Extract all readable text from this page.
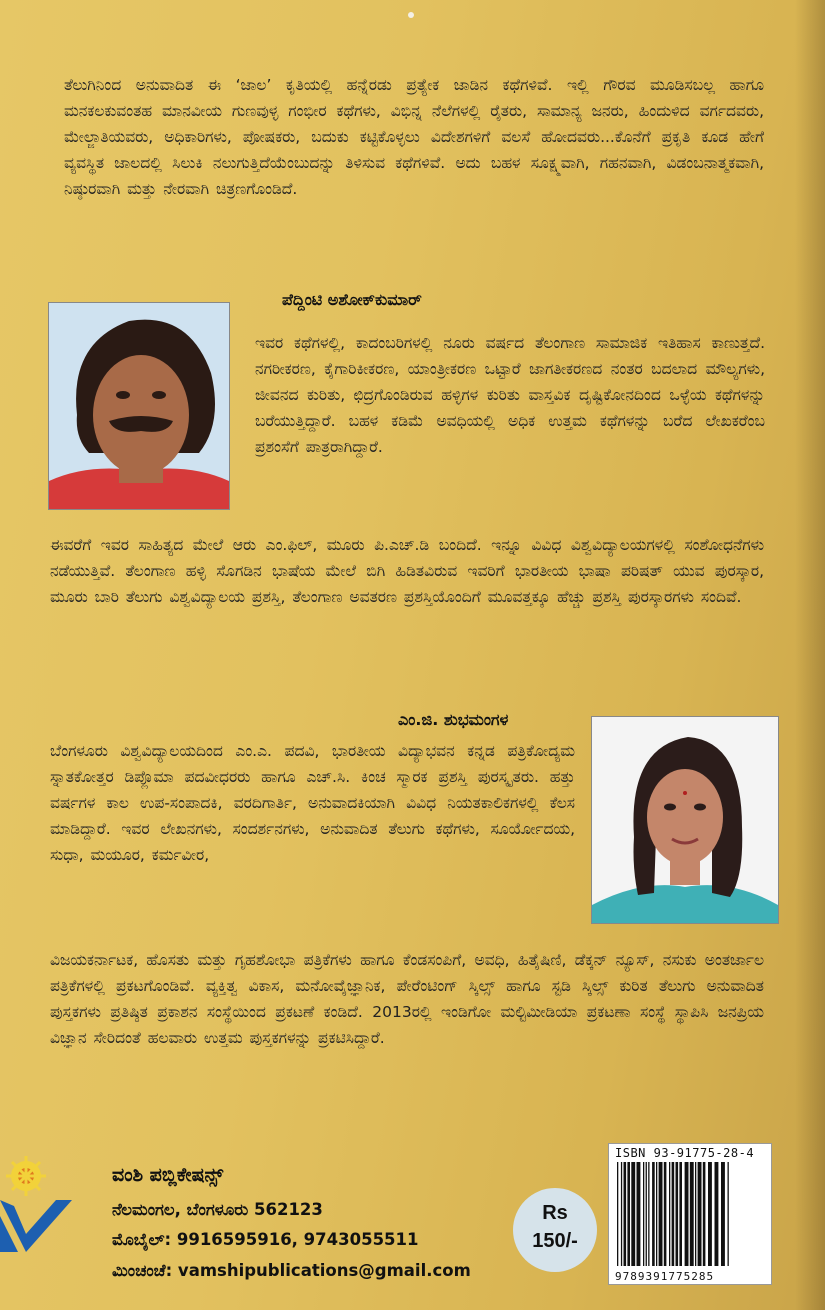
ತೆಲುಗಿನಿಂದ ಅನುವಾದಿತ ಈ ‘ಜಾಲ’ ಕೃತಿಯಲ್ಲಿ ಹನ್ನೆರಡು ಪ್ರತ್ಯೇಕ ಜಾಡಿನ ಕಥೆಗಳಿವೆ. ಇಲ್ಲಿ ಗೌರವ ಮೂಡಿಸಬಲ್ಲ ಹಾಗೂ ಮನಕಲಕುವಂತಹ ಮಾನವೀಯ ಗುಣವುಳ್ಳ ಗಂಭೀರ ಕಥೆಗಳು, ವಿಭಿನ್ನ ನೆಲೆಗಳಲ್ಲಿ ರೈತರು, ಸಾಮಾನ್ಯ ಜನರು, ಹಿಂದುಳಿದ ವರ್ಗದವರು, ಮೇಲ್ಜಾತಿಯವರು, ಅಧಿಕಾರಿಗಳು, ಪೋಷಕರು, ಬದುಕು ಕಟ್ಟಿಕೊಳ್ಳಲು ವಿದೇಶಗಳಿಗೆ ವಲಸೆ ಹೋದವರು...ಕೊನೆಗೆ ಪ್ರಕೃತಿ ಕೂಡ ಹೇಗೆ ವ್ಯವಸ್ಥಿತ ಜಾಲದಲ್ಲಿ ಸಿಲುಕಿ ನಲುಗುತ್ತಿದೆಯೆಂಬುದನ್ನು ತಿಳಿಸುವ ಕಥೆಗಳಿವೆ. ಅದು ಬಹಳ ಸೂಕ್ಷ್ಮವಾಗಿ, ಗಹನವಾಗಿ, ವಿಡಂಬನಾತ್ಮಕವಾಗಿ, ನಿಷ್ಠುರವಾಗಿ ಮತ್ತು ನೇರವಾಗಿ ಚಿತ್ರಣಗೊಂಡಿದೆ.
ಪೆದ್ದಿಂಟಿ ಅಶೋಕ್‌ಕುಮಾರ್
ಇವರ ಕಥೆಗಳಲ್ಲಿ, ಕಾದಂಬರಿಗಳಲ್ಲಿ ನೂರು ವರ್ಷದ ತೆಲಂಗಾಣ ಸಾಮಾಜಿಕ ಇತಿಹಾಸ ಕಾಣುತ್ತದೆ. ನಗರೀಕರಣ, ಕೈಗಾರಿಕೀಕರಣ, ಯಾಂತ್ರೀಕರಣ ಒಟ್ಟಾರೆ ಜಾಗತೀಕರಣದ ನಂತರ ಬದಲಾದ ಮೌಲ್ಯಗಳು, ಜೀವನದ ಕುರಿತು, ಛಿದ್ರಗೊಂಡಿರುವ ಹಳ್ಳಿಗಳ ಕುರಿತು ವಾಸ್ತವಿಕ ದೃಷ್ಟಿಕೋನದಿಂದ ಒಳ್ಳೆಯ ಕಥೆಗಳನ್ನು ಬರೆಯುತ್ತಿದ್ದಾರೆ. ಬಹಳ ಕಡಿಮೆ ಅವಧಿಯಲ್ಲಿ ಅಧಿಕ ಉತ್ತಮ ಕಥೆಗಳನ್ನು ಬರೆದ ಲೇಖಕರೆಂಬ ಪ್ರಶಂಸೆಗೆ ಪಾತ್ರರಾಗಿದ್ದಾರೆ.
ಈವರೆಗೆ ಇವರ ಸಾಹಿತ್ಯದ ಮೇಲೆ ಆರು ಎಂ.ಫಿಲ್, ಮೂರು ಪಿ.ಎಚ್.ಡಿ ಬಂದಿದೆ. ಇನ್ನೂ ವಿವಿಧ ವಿಶ್ವವಿದ್ಯಾಲಯಗಳಲ್ಲಿ ಸಂಶೋಧನೆಗಳು ನಡೆಯುತ್ತಿವೆ. ತೆಲಂಗಾಣ ಹಳ್ಳಿ ಸೊಗಡಿನ ಭಾಷೆಯ ಮೇಲೆ ಬಿಗಿ ಹಿಡಿತವಿರುವ ಇವರಿಗೆ ಭಾರತೀಯ ಭಾಷಾ ಪರಿಷತ್ ಯುವ ಪುರಸ್ಕಾರ, ಮೂರು ಬಾರಿ ತೆಲುಗು ವಿಶ್ವವಿದ್ಯಾಲಯ ಪ್ರಶಸ್ತಿ, ತೆಲಂಗಾಣ ಅವತರಣ ಪ್ರಶಸ್ತಿಯೊಂದಿಗೆ ಮೂವತ್ತಕ್ಕೂ ಹೆಚ್ಚು ಪ್ರಶಸ್ತಿ ಪುರಸ್ಕಾರಗಳು ಸಂದಿವೆ.
ಎಂ.ಜಿ. ಶುಭಮಂಗಳ
ಬೆಂಗಳೂರು ವಿಶ್ವವಿದ್ಯಾಲಯದಿಂದ ಎಂ.ಎ. ಪದವಿ, ಭಾರತೀಯ ವಿದ್ಯಾಭವನ ಕನ್ನಡ ಪತ್ರಿಕೋದ್ಯಮ ಸ್ನಾತಕೋತ್ತರ ಡಿಪ್ಲೊಮಾ ಪದವೀಧರರು ಹಾಗೂ ಎಚ್.ಸಿ. ಕಿಂಚ ಸ್ಮಾರಕ ಪ್ರಶಸ್ತಿ ಪುರಸ್ಕೃತರು. ಹತ್ತು ವರ್ಷಗಳ ಕಾಲ ಉಪ-ಸಂಪಾದಕಿ, ವರದಿಗಾರ್ತಿ, ಅನುವಾದಕಿಯಾಗಿ ವಿವಿಧ ನಿಯತಕಾಲಿಕಗಳಲ್ಲಿ ಕೆಲಸ ಮಾಡಿದ್ದಾರೆ. ಇವರ ಲೇಖನಗಳು, ಸಂದರ್ಶನಗಳು, ಅನುವಾದಿತ ತೆಲುಗು ಕಥೆಗಳು, ಸೂರ್ಯೋದಯ, ಸುಧಾ, ಮಯೂರ, ಕರ್ಮವೀರ,
ವಿಜಯಕರ್ನಾಟಕ, ಹೊಸತು ಮತ್ತು ಗೃಹಶೋಭಾ ಪತ್ರಿಕೆಗಳು ಹಾಗೂ ಕೆಂಡಸಂಪಿಗೆ, ಅವಧಿ, ಹಿತೈಷಿಣಿ, ಡೆಕ್ಕನ್ ನ್ಯೂಸ್, ನಸುಕು ಅಂತರ್ಜಾಲ ಪತ್ರಿಕೆಗಳಲ್ಲಿ ಪ್ರಕಟಗೊಂಡಿವೆ. ವ್ಯಕ್ತಿತ್ವ ವಿಕಾಸ, ಮನೋವೈಜ್ಞಾನಿಕ, ಪೇರೆಂಟಿಂಗ್ ಸ್ಕಿಲ್ಸ್ ಹಾಗೂ ಸ್ಟಡಿ ಸ್ಕಿಲ್ಸ್ ಕುರಿತ ತೆಲುಗು ಅನುವಾದಿತ ಪುಸ್ತಕಗಳು ಪ್ರತಿಷ್ಠಿತ ಪ್ರಕಾಶನ ಸಂಸ್ಥೆಯಿಂದ ಪ್ರಕಟಣೆ ಕಂಡಿದೆ. 2013ರಲ್ಲಿ ಇಂಡಿಗೋ ಮಲ್ಟಿಮೀಡಿಯಾ ಪ್ರಕಟಣಾ ಸಂಸ್ಥೆ ಸ್ಥಾಪಿಸಿ ಜನಪ್ರಿಯ ವಿಜ್ಞಾನ ಸೇರಿದಂತೆ ಹಲವಾರು ಉತ್ತಮ ಪುಸ್ತಕಗಳನ್ನು ಪ್ರಕಟಿಸಿದ್ದಾರೆ.
ವಂಶಿ ಪಬ್ಲಿಕೇಷನ್ಸ್
ನೆಲಮಂಗಲ, ಬೆಂಗಳೂರು 562123
ಮೊಬೈಲ್: 9916595916, 9743055511
ಮಿಂಚಂಚೆ: vamshipublications@gmail.com
Rs
150/-
ISBN 93-91775-28-4
9789391775285
